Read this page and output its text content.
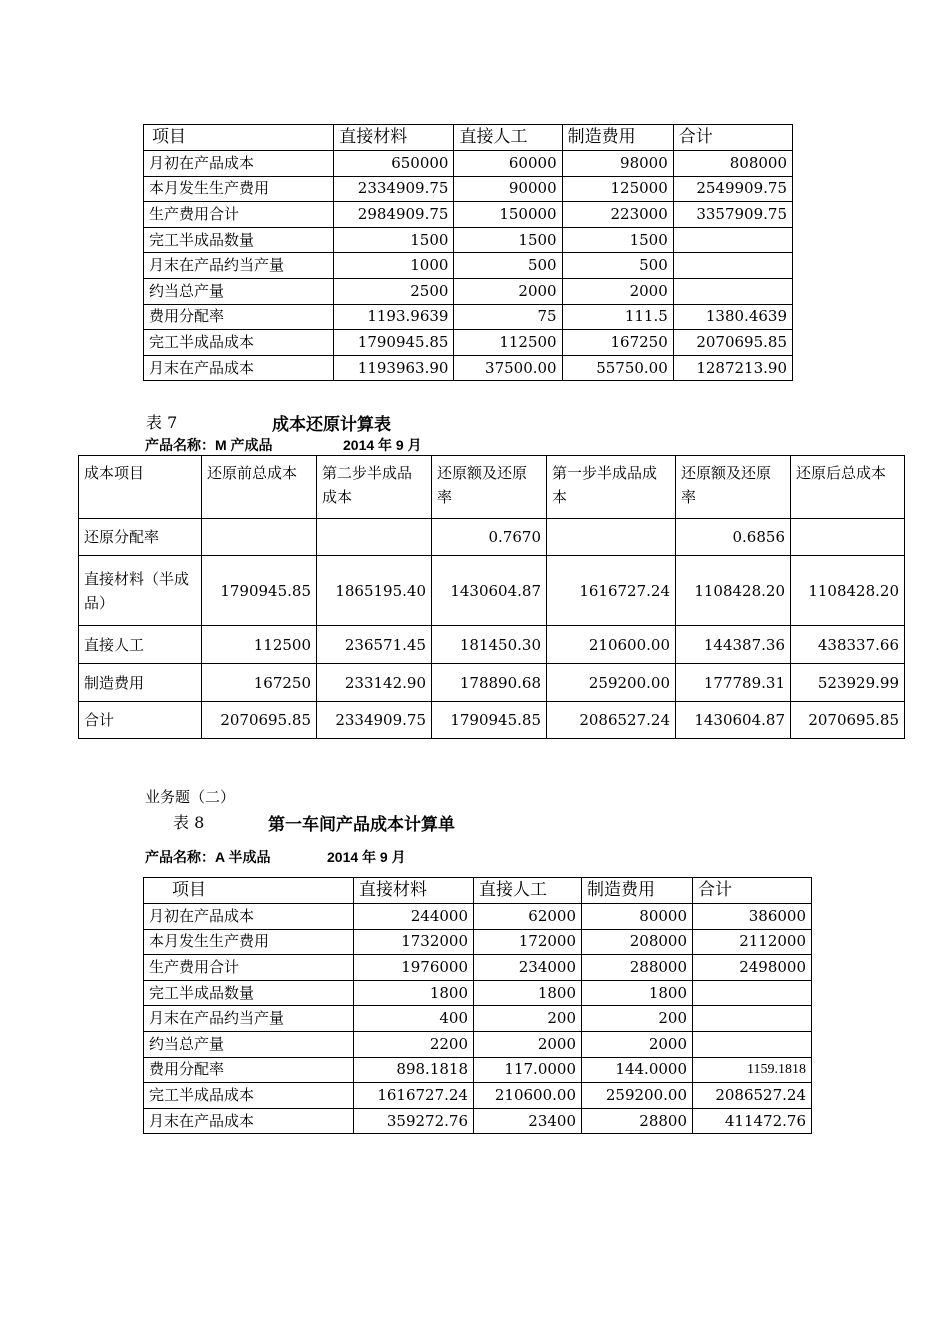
项目	直接材料	直接人工	制造费用	合计
月初在产品成本	650000	60000	98000	808000
本月发生生产费用	2334909.75	90000	125000	2549909.75
生产费用合计	2984909.75	150000	223000	3357909.75
完工半成品数量	1500	1500	1500	
月末在产品约当产量	1000	500	500	
约当总产量	2500	2000	2000	
费用分配率	1193.9639	75	111.5	1380.4639
完工半成品成本	1790945.85	112500	167250	2070695.85
月末在产品成本	1193963.90	37500.00	55750.00	1287213.90
表 7	成本还原计算表
产品名称：M 产成品	2014 年 9 月
成本项目	还原前总成本	第二步半成品成本	还原额及还原率	第一步半成品成本	还原额及还原率	还原后总成本
还原分配率			0.7670		0.6856	
直接材料（半成品）	1790945.85	1865195.40	1430604.87	1616727.24	1108428.20	1108428.20
直接人工	112500	236571.45	181450.30	210600.00	144387.36	438337.66
制造费用	167250	233142.90	178890.68	259200.00	177789.31	523929.99
合计	2070695.85	2334909.75	1790945.85	2086527.24	1430604.87	2070695.85
业务题（二）
表 8	第一车间产品成本计算单
产品名称：A 半成品	2014 年 9 月
项目	直接材料	直接人工	制造费用	合计
月初在产品成本	244000	62000	80000	386000
本月发生生产费用	1732000	172000	208000	2112000
生产费用合计	1976000	234000	288000	2498000
完工半成品数量	1800	1800	1800	
月末在产品约当产量	400	200	200	
约当总产量	2200	2000	2000	
费用分配率	898.1818	117.0000	144.0000	1159.1818
完工半成品成本	1616727.24	210600.00	259200.00	2086527.24
月末在产品成本	359272.76	23400	28800	411472.76
